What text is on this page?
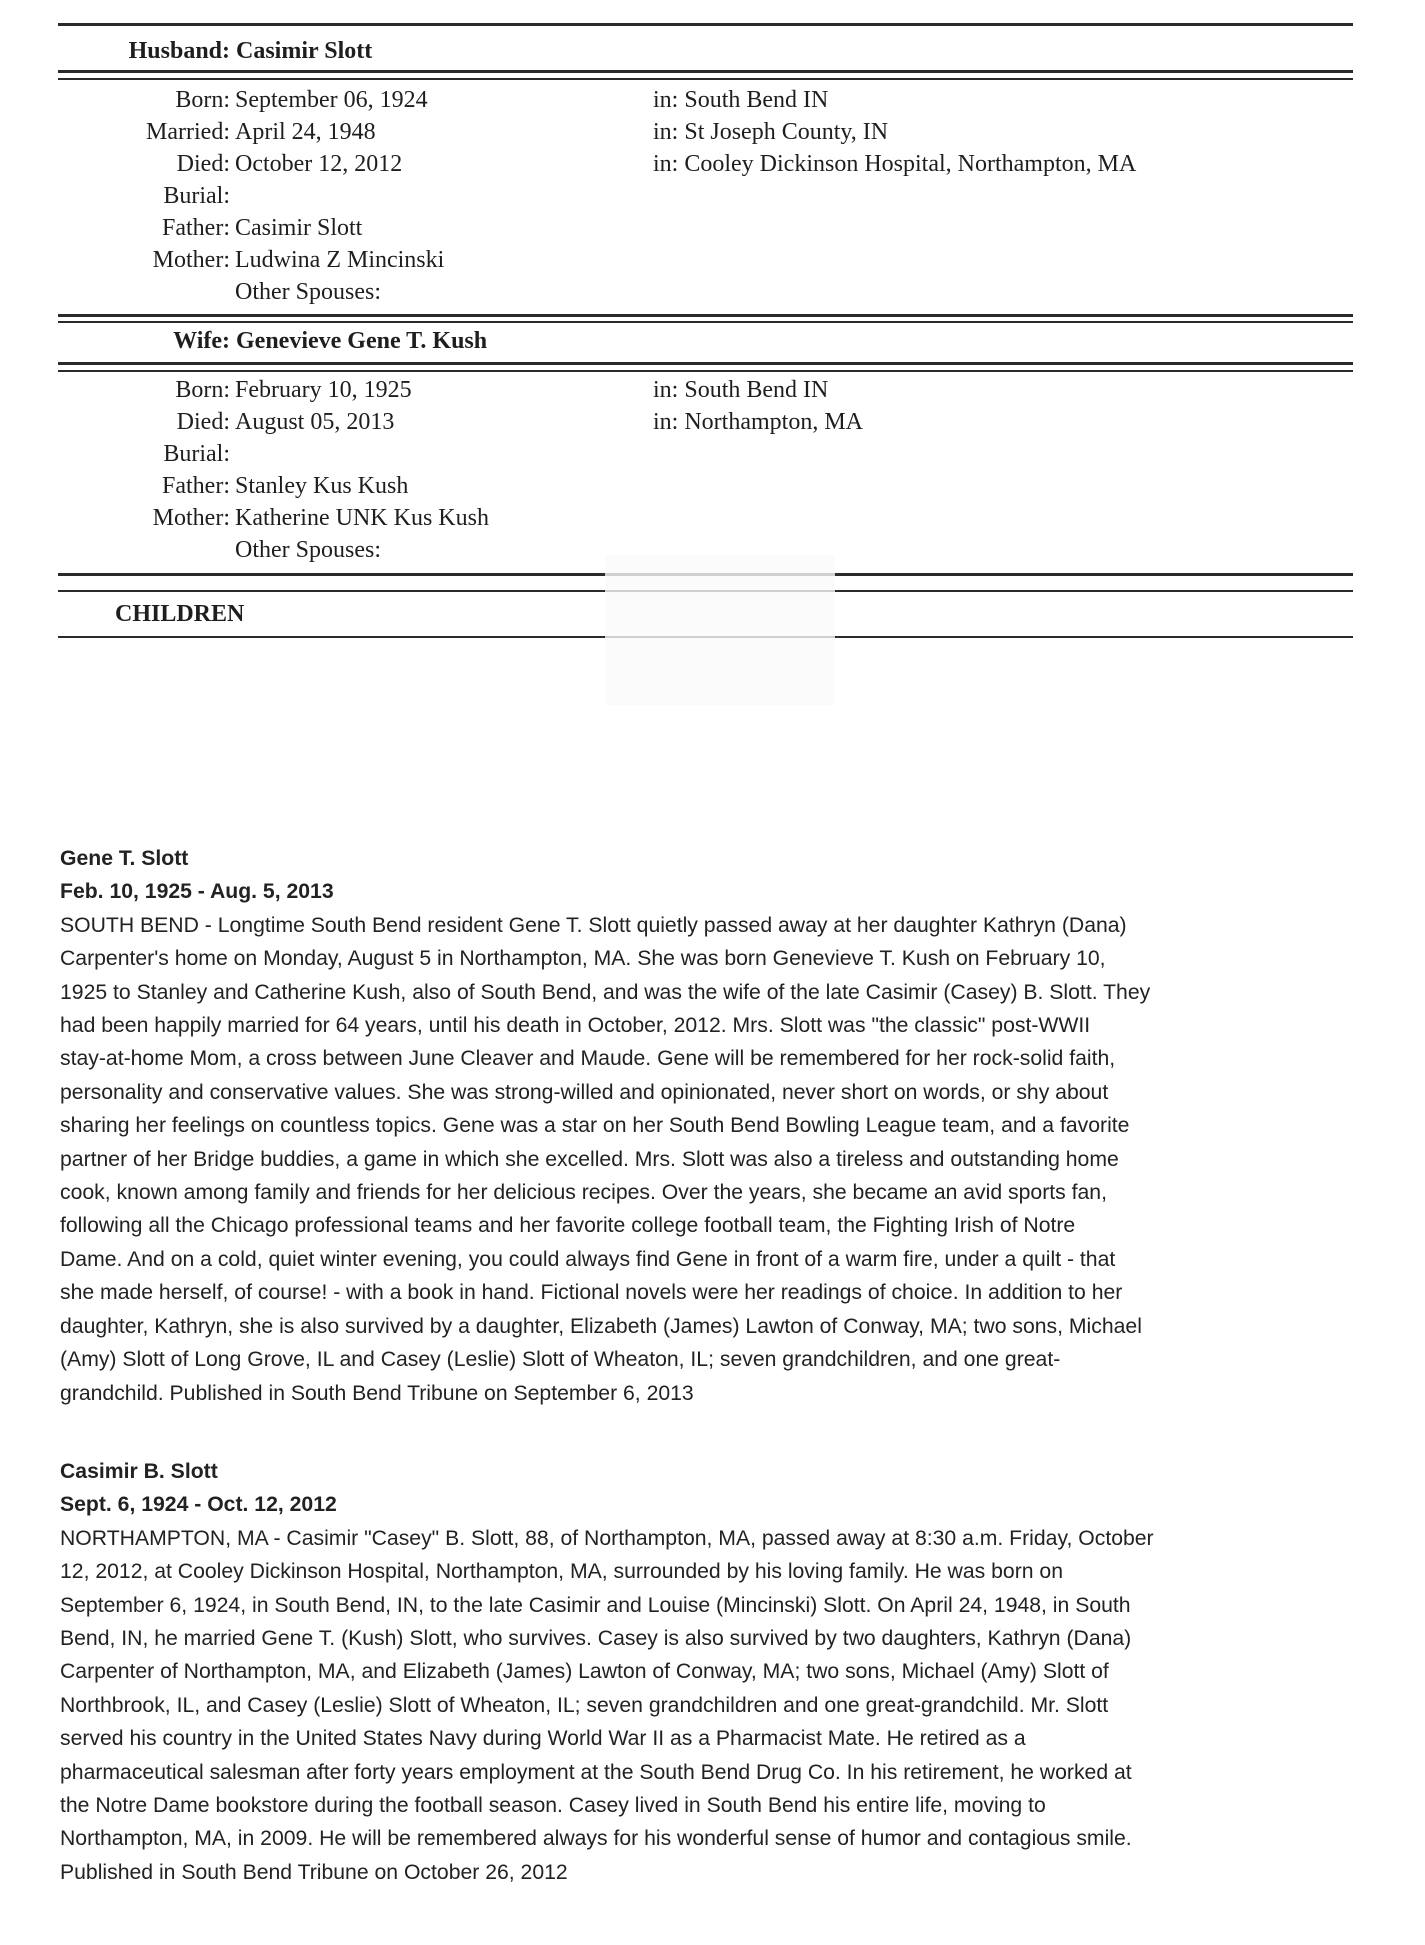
Husband: Casimir Slott
Born: September 06, 1924	in: South Bend IN
Married: April 24, 1948	in: St Joseph County, IN
Died: October 12, 2012	in: Cooley Dickinson Hospital, Northampton, MA
Burial:
Father: Casimir Slott
Mother: Ludwina Z Mincinski
Other Spouses:
Wife: Genevieve Gene T. Kush
Born: February 10, 1925	in: South Bend IN
Died: August 05, 2013	in: Northampton, MA
Burial:
Father: Stanley Kus Kush
Mother: Katherine UNK Kus Kush
Other Spouses:
CHILDREN
Gene T. Slott
Feb. 10, 1925 - Aug. 5, 2013
SOUTH BEND - Longtime South Bend resident Gene T. Slott quietly passed away at her daughter Kathryn (Dana)
Carpenter's home on Monday, August 5 in Northampton, MA. She was born Genevieve T. Kush on February 10,
1925 to Stanley and Catherine Kush, also of South Bend, and was the wife of the late Casimir (Casey) B. Slott. They
had been happily married for 64 years, until his death in October, 2012. Mrs. Slott was "the classic" post-WWII
stay-at-home Mom, a cross between June Cleaver and Maude. Gene will be remembered for her rock-solid faith,
personality and conservative values. She was strong-willed and opinionated, never short on words, or shy about
sharing her feelings on countless topics. Gene was a star on her South Bend Bowling League team, and a favorite
partner of her Bridge buddies, a game in which she excelled. Mrs. Slott was also a tireless and outstanding home
cook, known among family and friends for her delicious recipes. Over the years, she became an avid sports fan,
following all the Chicago professional teams and her favorite college football team, the Fighting Irish of Notre
Dame. And on a cold, quiet winter evening, you could always find Gene in front of a warm fire, under a quilt - that
she made herself, of course! - with a book in hand. Fictional novels were her readings of choice. In addition to her
daughter, Kathryn, she is also survived by a daughter, Elizabeth (James) Lawton of Conway, MA; two sons, Michael
(Amy) Slott of Long Grove, IL and Casey (Leslie) Slott of Wheaton, IL; seven grandchildren, and one great-
grandchild. Published in South Bend Tribune on September 6, 2013
Casimir B. Slott
Sept. 6, 1924 - Oct. 12, 2012
NORTHAMPTON, MA - Casimir "Casey" B. Slott, 88, of Northampton, MA, passed away at 8:30 a.m. Friday, October
12, 2012, at Cooley Dickinson Hospital, Northampton, MA, surrounded by his loving family. He was born on
September 6, 1924, in South Bend, IN, to the late Casimir and Louise (Mincinski) Slott. On April 24, 1948, in South
Bend, IN, he married Gene T. (Kush) Slott, who survives. Casey is also survived by two daughters, Kathryn (Dana)
Carpenter of Northampton, MA, and Elizabeth (James) Lawton of Conway, MA; two sons, Michael (Amy) Slott of
Northbrook, IL, and Casey (Leslie) Slott of Wheaton, IL; seven grandchildren and one great-grandchild. Mr. Slott
served his country in the United States Navy during World War II as a Pharmacist Mate. He retired as a
pharmaceutical salesman after forty years employment at the South Bend Drug Co. In his retirement, he worked at
the Notre Dame bookstore during the football season. Casey lived in South Bend his entire life, moving to
Northampton, MA, in 2009. He will be remembered always for his wonderful sense of humor and contagious smile.
Published in South Bend Tribune on October 26, 2012
